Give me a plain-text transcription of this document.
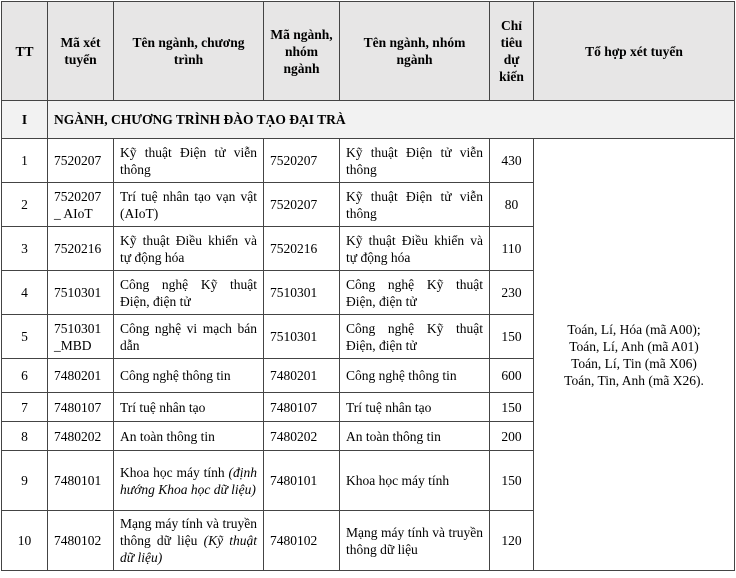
TT	Mã xét tuyển	Tên ngành, chương trình	Mã ngành, nhóm ngành	Tên ngành, nhóm ngành	Chỉ tiêu dự kiến	Tổ hợp xét tuyển
I	NGÀNH, CHƯƠNG TRÌNH ĐÀO TẠO ĐẠI TRÀ					
1	7520207	Kỹ thuật Điện tử viễn thông	7520207	Kỹ thuật Điện tử viễn thông	430	Toán, Lí, Hóa (mã A00);
Toán, Lí, Anh (mã A01)
Toán, Lí, Tin (mã X06)
Toán, Tin, Anh (mã X26).

2	7520207 _ AIoT	Trí tuệ nhân tạo vạn vật (AIoT)	7520207	Kỹ thuật Điện tử viễn thông	80	
3	7520216	Kỹ thuật Điều khiển và tự động hóa	7520216	Kỹ thuật Điều khiển và tự động hóa	110	
4	7510301	Công nghệ Kỹ thuật Điện, điện tử	7510301	Công nghệ Kỹ thuật Điện, điện tử	230	
5	7510301 _MBD	Công nghệ vi mạch bán dẫn	7510301	Công nghệ Kỹ thuật Điện, điện tử	150	
6	7480201	Công nghệ thông tin	7480201	Công nghệ thông tin	600	
7	7480107	Trí tuệ nhân tạo	7480107	Trí tuệ nhân tạo	150	
8	7480202	An toàn thông tin	7480202	An toàn thông tin	200	
9	7480101	Khoa học máy tính (định hướng Khoa học dữ liệu)	7480101	Khoa học máy tính	150	
10	7480102	Mạng máy tính và truyền thông dữ liệu (Kỹ thuật dữ liệu)	7480102	Mạng máy tính và truyền thông dữ liệu	120	
